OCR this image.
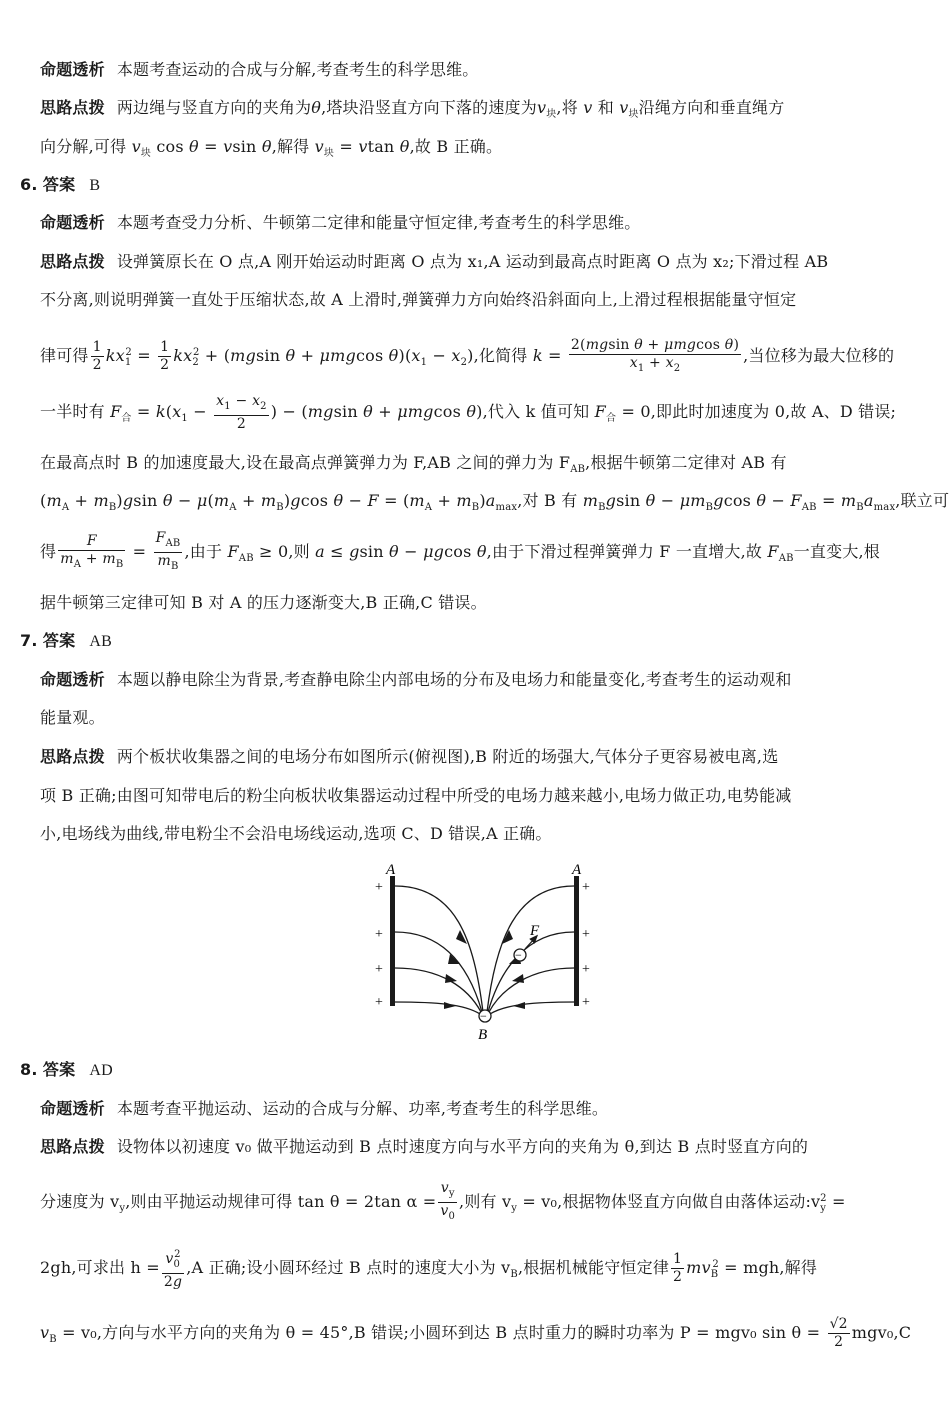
命题透析 本题考查运动的合成与分解,考查考生的科学思维。
思路点拨 两边绳与竖直方向的夹角为θ,塔块沿竖直方向下落的速度为$v_块$,将 v 和 $v_块$沿绳方向和垂直绳方
向分解,可得 $v_块$ cos θ = vsin θ,解得 $v_块 = vtan$ θ,故 B 正确。
6. 答案 B
命题透析 本题考查受力分析、牛顿第二定律和能量守恒定律,考查考生的科学思维。
思路点拨 设弹簧原长在 O 点,A 刚开始运动时距离 O 点为 x₁,A 运动到最高点时距离 O 点为 x₂;下滑过程 AB
不分离,则说明弹簧一直处于压缩状态,故 A 上滑时,弹簧弹力方向始终沿斜面向上,上滑过程根据能量守恒定
律可得 $\frac{1}{2} kx_1^2 = \frac{1}{2} kx_2^2 + (mgsin$ θ + μmgcos $\theta)(x_1 - x_2)$,化简得 $k = \frac{\text{2(mgsin θ + μmgcos θ)}}{x_1 + x_2}$ ,当位移为最大位移的
一半时有 $F_合 = k(x_1 - \frac{x_1 - x_2}{2}$ ) − (mgsin θ + μmgcos θ),代入 k 值可知 $F_合 = 0$,即此时加速度为 0,故 A、D 错误;
在最高点时 B 的加速度最大,设在最高点弹簧弹力为 F,AB 之间的弹力为 $F_{AB}$,根据牛顿第二定律对 AB 有
$(m_A + m_B)gsin$ $\theta - \mu(m_A + m_B)gcos$ $\theta - F = (m_A + m_B)a_{max}$,对 B 有 $m_Bgsin$ $\theta - \mu m_Bgcos$ $\theta - F_{AB} = m_Ba_{max}$,联立可
得 $\frac{F}{m_A + m_B} = \frac{F_{AB}}{m_B}$ ,由于 $F_{AB} \ge 0$,则 a ≤ gsin θ − μgcos θ,由于下滑过程弹簧弹力 F 一直增大,故 $F_{AB}$一直变大,根
据牛顿第三定律可知 B 对 A 的压力逐渐变大,B 正确,C 错误。
7. 答案 AB
命题透析 本题以静电除尘为背景,考查静电除尘内部电场的分布及电场力和能量变化,考查考生的运动观和
能量观。
思路点拨 两个板状收集器之间的电场分布如图所示(俯视图),B 附近的场强大,气体分子更容易被电离,选
项 B 正确;由图可知带电后的粉尘向板状收集器运动过程中所受的电场力越来越小,电场力做正功,电势能减
小,电场线为曲线,带电粉尘不会沿电场线运动,选项 C、D 错误,A 正确。
A	A
+
+
+
+
+
+
+
+
−
F
−
B
8. 答案 AD
命题透析 本题考查平抛运动、运动的合成与分解、功率,考查考生的科学思维。
思路点拨 设物体以初速度 v₀ 做平抛运动到 B 点时速度方向与水平方向的夹角为 θ,到达 B 点时竖直方向的
分速度为 $v_y$,则由平抛运动规律可得 tan θ = 2tan $\alpha = \frac{v_y}{v_0}$ ,则有 $v_y = v_0$,根据物体竖直方向做自由落体运动$:v_y^2$ =
2gh,可求出 $h = \frac{v_0^2}{2g} ,A$ 正确;设小圆环经过 B 点时的速度大小为 $v_B$,根据机械能守恒定律 $\frac{1}{2} mv_B^2$ = mgh,解得
$v_B = v_0$,方向与水平方向的夹角为 θ = 45°,B 错误;小圆环到达 B 点时重力的瞬时功率为 P = mgv₀ $\sin \theta = \frac{√2}{2} mgv_0,C$
